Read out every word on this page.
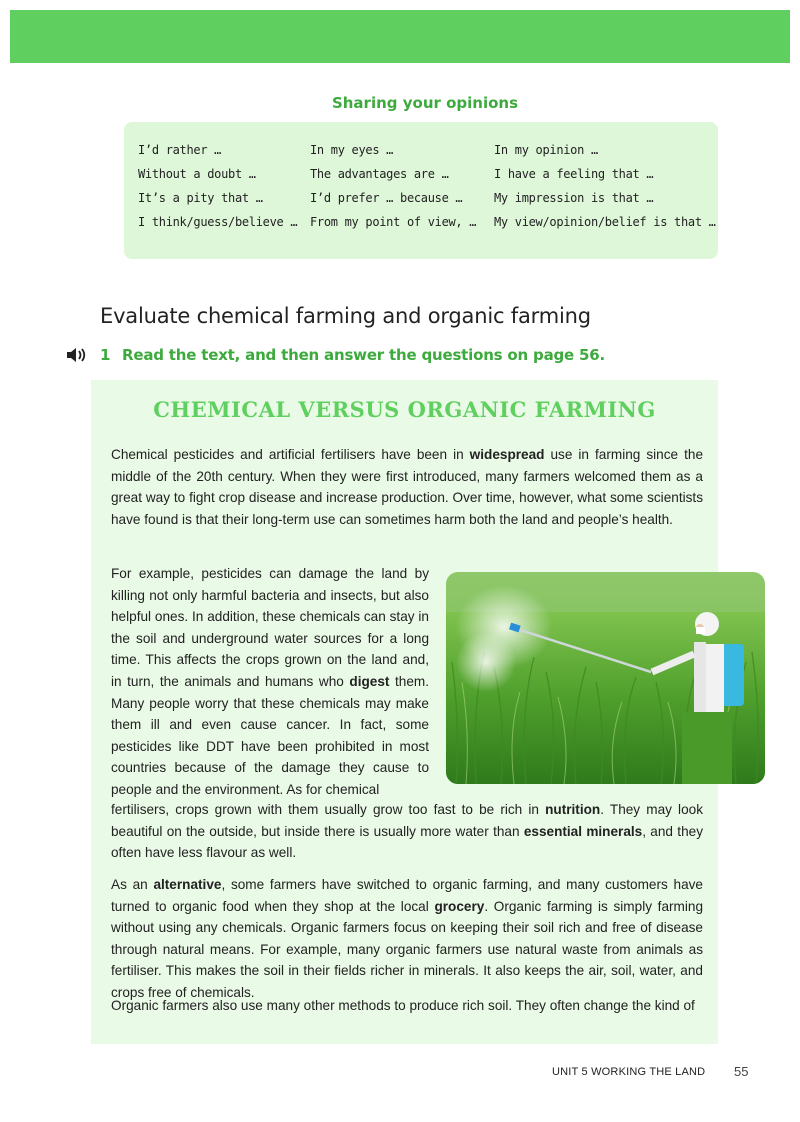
Sharing your opinions
I’d rather …
Without a doubt …
It’s a pity that …
I think/guess/believe …
In my eyes …
The advantages are …
I’d prefer … because …
From my point of view, …
In my opinion …
I have a feeling that …
My impression is that …
My view/opinion/belief is that …
Evaluate chemical farming and organic farming
1 Read the text, and then answer the questions on page 56.
CHEMICAL VERSUS ORGANIC FARMING

Chemical pesticides and artificial fertilisers have been in widespread use in farming since the middle of the 20th century. When they were first introduced, many farmers welcomed them as a great way to fight crop disease and increase production. Over time, however, what some scientists have found is that their long-term use can sometimes harm both the land and people’s health.

For example, pesticides can damage the land by killing not only harmful bacteria and insects, but also helpful ones. In addition, these chemicals can stay in the soil and underground water sources for a long time. This affects the crops grown on the land and, in turn, the animals and humans who digest them. Many people worry that these chemicals may make them ill and even cause cancer. In fact, some pesticides like DDT have been prohibited in most countries because of the damage they cause to people and the environment. As for chemical

fertilisers, crops grown with them usually grow too fast to be rich in nutrition. They may look beautiful on the outside, but inside there is usually more water than essential minerals, and they often have less flavour as well.

As an alternative, some farmers have switched to organic farming, and many customers have turned to organic food when they shop at the local grocery. Organic farming is simply farming without using any chemicals. Organic farmers focus on keeping their soil rich and free of disease through natural means. For example, many organic farmers use natural waste from animals as fertiliser. This makes the soil in their fields richer in minerals. It also keeps the air, soil, water, and crops free of chemicals.

Organic farmers also use many other methods to produce rich soil. They often change the kind of

UNIT 5 WORKING THE LAND 55
